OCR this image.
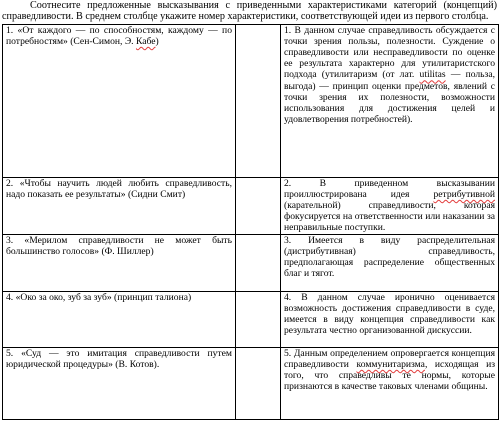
Соотнесите предложенные высказывания с приведенными характеристиками категорий (концепций) справедливости. В среднем столбце укажите номер характеристики, соответствующей идеи из первого столбца.

1. «От каждого — по способностям, каждому — по потребностям» (Сен-Симон, Э. Кабе)		1. В данном случае справедливость обсуждается с точки зрения пользы, полезности. Суждение о справедливости или несправедливости по оценке ее результата характерно для утилитаристского подхода (утилитаризм (от лат. utilitas — польза, выгода) — принцип оценки предметов, явлений с точки зрения их полезности, возможности использования для достижения целей и удовлетворения потребностей).
2. «Чтобы научить людей любить справедливость, надо показать ее результаты» (Сидни Смит)		2. В приведенном высказывании проиллюстрирована идея ретрибутивной (карательной) справедливости, которая фокусируется на ответственности или наказании за неправильные поступки.
3. «Мерилом справедливости не может быть большинство голосов» (Ф. Шиллер)		3. Имеется в виду распределительная (дистрибутивная) справедливость, предполагающая распределение общественных благ и тягот.
4. «Око за око, зуб за зуб» (принцип талиона)		4. В данном случае иронично оценивается возможность достижения справедливости в суде, имеется в виду концепция справедливости как результата честно организованной дискуссии.
5. «Суд — это имитация справедливости путем юридической процедуры» (В. Котов).		5. Данным определением опровергается концепция справедливости коммунитаризма, исходящая из того, что справедливы те нормы, которые признаются в качестве таковых членами общины.
